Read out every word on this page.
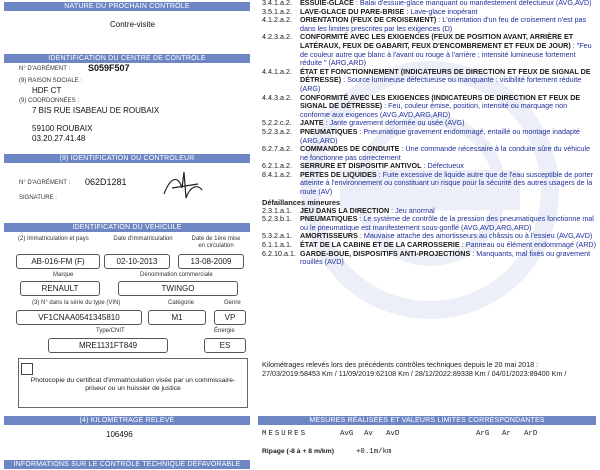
NATURE DU PROCHAIN CONTRÔLE
Contre-visite
IDENTIFICATION DU CENTRE DE CONTRÔLE
N° D'AGRÉMENT : S059F507
(9) RAISON SOCIALE :
HDF CT
(9) COORDONNÉES :
7 BIS RUE ISABEAU DE ROUBAIX
59100 ROUBAIX
03.20.27.41.48
(9) IDENTIFICATION DU CONTRÔLEUR
N° D'AGRÉMENT : 062D1281
SIGNATURE :
IDENTIFICATION DU VÉHICULE
(2) Immatriculation et pays	Date d'immatriculation	Date de 1ère mise en circulation
AB-016-FM (F)	02-10-2013	13-08-2009
Marque	Dénomination commerciale
RENAULT	TWINGO
(3) N° dans la série du type (VIN)	Catégorie	Genre
VF1CNAA0541345810	M1	VP
Type/CNIT	Énergie
MRE1131FT849	ES
Photocopie du certificat d'immatriculation visée par un commissaire-priseur ou un huissier de justice
(4) KILOMÉTRAGE RELEVÉ
106496
INFORMATIONS SUR LE CONTRÔLE TECHNIQUE DÉFAVORABLE
3.4.1.a.2.	ESSUIE-GLACE : Balai d'essuie-glace manquant ou manifestement défectueux (AVG,AVD)
3.5.1.a.2.	LAVE-GLACE DU PARE-BRISE : Lave-glace inopérant
4.1.2.a.2.	ORIENTATION (FEUX DE CROISEMENT) : L'orientation d'un feu de croisement n'est pas dans les limites prescrites par les exigences (D)
4.2.3.a.2.	CONFORMITÉ AVEC LES EXIGENCES (FEUX DE POSITION AVANT, ARRIÈRE ET LATÉRAUX, FEUX DE GABARIT, FEUX D'ENCOMBREMENT ET FEUX DE JOUR) : "Feu de couleur autre que blanc à l'avant ou rouge à l'arrière ; intensité lumineuse fortement réduite " (ARG,ARD)
4.4.1.a.2.	ÉTAT ET FONCTIONNEMENT (INDICATEURS DE DIRECTION ET FEUX DE SIGNAL DE DÉTRESSE) : Source lumineuse défectueuse ou manquante : visibilité fortement réduite (ARG)
4.4.3.a.2.	CONFORMITÉ AVEC LES EXIGENCES (INDICATEURS DE DIRECTION ET FEUX DE SIGNAL DE DÉTRESSE) : Feu, couleur émise, position, intensité ou marquage non conforme aux exigences (AVG,AVD,ARG,ARD)
5.2.2.c.2.	JANTE : Jante gravement déformée ou usée (AVG)
5.2.3.a.2.	PNEUMATIQUES : Pneumatique gravement endommagé, entaillé ou montage inadapté (ARG,ARD)
6.2.7.a.2.	COMMANDES DE CONDUITE : Une commande nécessaire à la conduite sûre du véhicule ne fonctionne pas correctement
6.2.1.a.2.	SERRURE ET DISPOSITIF ANTIVOL : Défectueux
8.4.1.a.2.	PERTES DE LIQUIDES : Fuite excessive de liquide autre que de l'eau susceptible de porter atteinte à l'environnement ou constituant un risque pour la sécurité des autres usagers de la route (AV)
Défaillances mineures
2.3.1.a.1.	JEU DANS LA DIRECTION : Jeu anormal
5.2.3.b.1.	PNEUMATIQUES : Le système de contrôle de la pression des pneumatiques fonctionne mal ou le pneumatique est manifestement sous-gonflé (AVG,AVD,ARG,ARD)
5.3.2.a.1.	AMORTISSEURS : Mauvaise attache des amortisseurs au châssis ou à l'essieu (AVG,AVD)
6.1.1.a.1.	ÉTAT DE LA CABINE ET DE LA CARROSSERIE : Panneau ou élément endommagé (ARD)
6.2.10.a.1. GARDE-BOUE, DISPOSITIFS ANTI-PROJECTIONS : Manquants, mal fixés ou gravement rouillés (AVD)
Kilométrages relevés lors des précédents contrôles techniques depuis le 20 mai 2018 : 27/03/2019:58453 Km / 11/09/2019:62108 Km / 28/12/2022:89338 Km / 04/01/2023:89400 Km /
MESURES RÉALISÉES ET VALEURS LIMITES CORRESPONDANTES
MESURES	AvG Av AvD	ArG Ar ArD
Ripage (-8 à + 8 m/km)	+0.1m/km
